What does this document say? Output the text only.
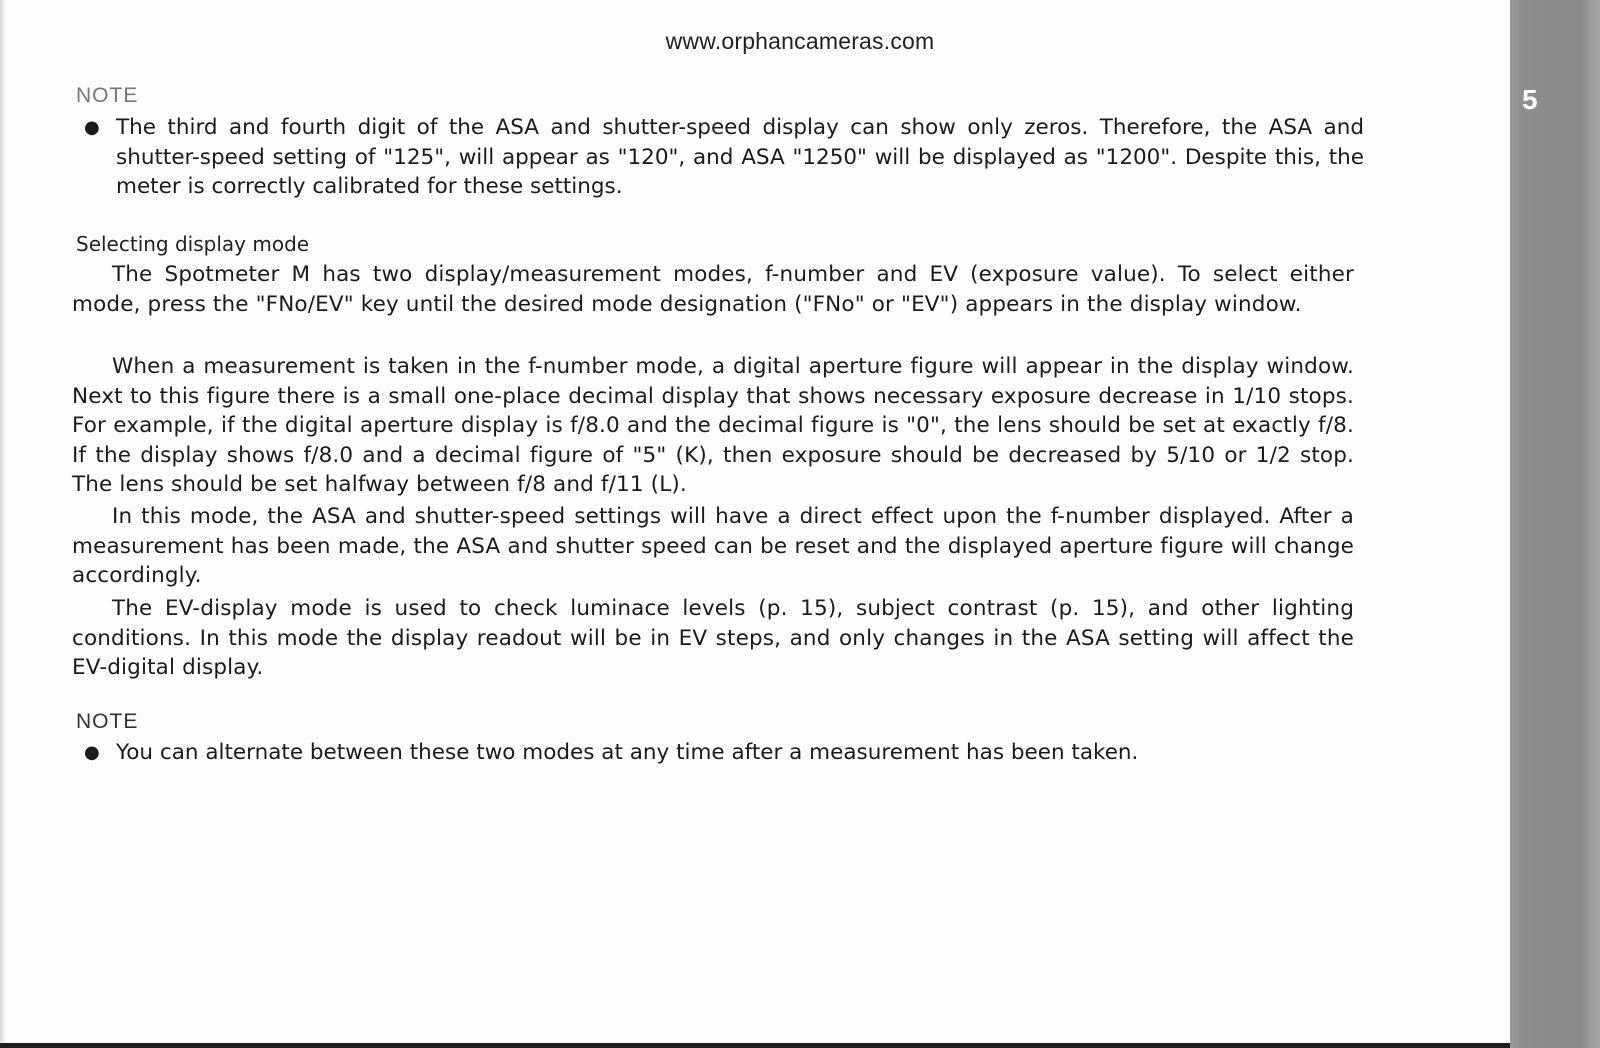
www.orphancameras.com
NOTE
● The third and fourth digit of the ASA and shutter-speed display can show only zeros. Therefore, the ASA and shutter-speed setting of "125", will appear as "120", and ASA "1250" will be displayed as "1200". Despite this, the meter is correctly calibrated for these settings.
Selecting display mode
The Spotmeter M has two display/measurement modes, f-number and EV (exposure value). To select either mode, press the "FNo/EV" key until the desired mode designation ("FNo" or "EV") appears in the display window.
When a measurement is taken in the f-number mode, a digital aperture figure will appear in the display window. Next to this figure there is a small one-place decimal display that shows necessary exposure decrease in 1/10 stops. For example, if the digital aperture display is f/8.0 and the decimal figure is "0", the lens should be set at exactly f/8. If the display shows f/8.0 and a decimal figure of "5" (K), then exposure should be decreased by 5/10 or 1/2 stop. The lens should be set halfway between f/8 and f/11 (L).
In this mode, the ASA and shutter-speed settings will have a direct effect upon the f-number displayed. After a measurement has been made, the ASA and shutter speed can be reset and the displayed aperture figure will change accordingly.
The EV-display mode is used to check luminace levels (p. 15), subject contrast (p. 15), and other lighting conditions. In this mode the display readout will be in EV steps, and only changes in the ASA setting will affect the EV-digital display.
NOTE
● You can alternate between these two modes at any time after a measurement has been taken.
5
